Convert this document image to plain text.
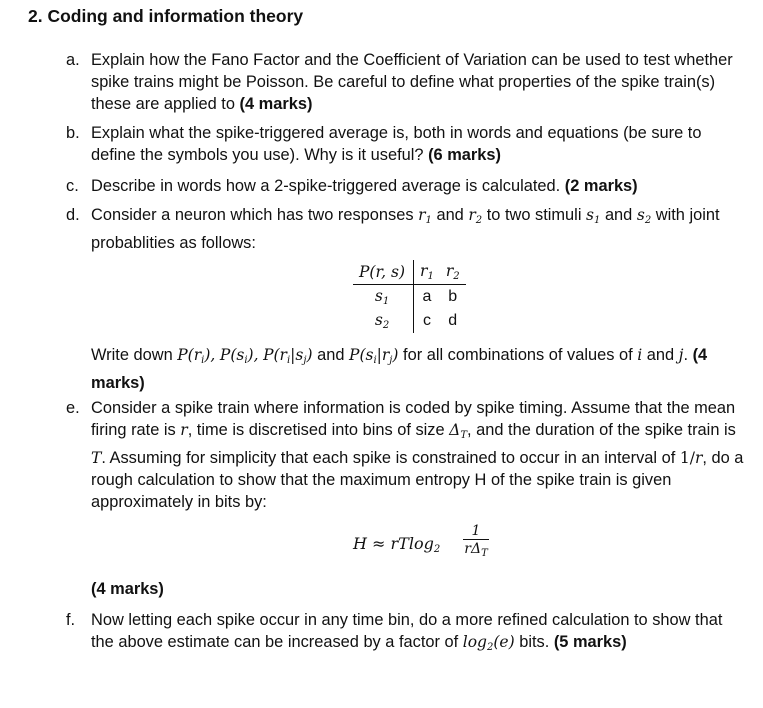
2. Coding and information theory
a. Explain how the Fano Factor and the Coefficient of Variation can be used to test whether spike trains might be Poisson. Be careful to define what properties of the spike train(s) these are applied to (4 marks)
b. Explain what the spike-triggered average is, both in words and equations (be sure to define the symbols you use). Why is it useful? (6 marks)
c. Describe in words how a 2-spike-triggered average is calculated. (2 marks)
d. Consider a neuron which has two responses $r_1$ and $r_2$ to two stimuli $s_1$ and $s_2$ with joint probablities as follows:
P(r, s)	$r_1$	$r_2$
$s_1$	a	b
$s_2$	c	d
Write down $P(r_i)$, $P(s_i)$, $P(r_i|s_j)$ and $P(s_i|r_j)$ for all combinations of values of i and j. (4 marks)
e. Consider a spike train where information is coded by spike timing. Assume that the mean firing rate is r, time is discretised into bins of size $\Delta_T$, and the duration of the spike train is T. Assuming for simplicity that each spike is constrained to occur in an interval of 1/r, do a rough calculation to show that the maximum entropy H of the spike train is given approximately in bits by:
H ≈ rTlog$_2$
1
$r\Delta_T$
(4 marks)
f. Now letting each spike occur in any time bin, do a more refined calculation to show that the above estimate can be increased by a factor of $\log_2(e)$ bits. (5 marks)
